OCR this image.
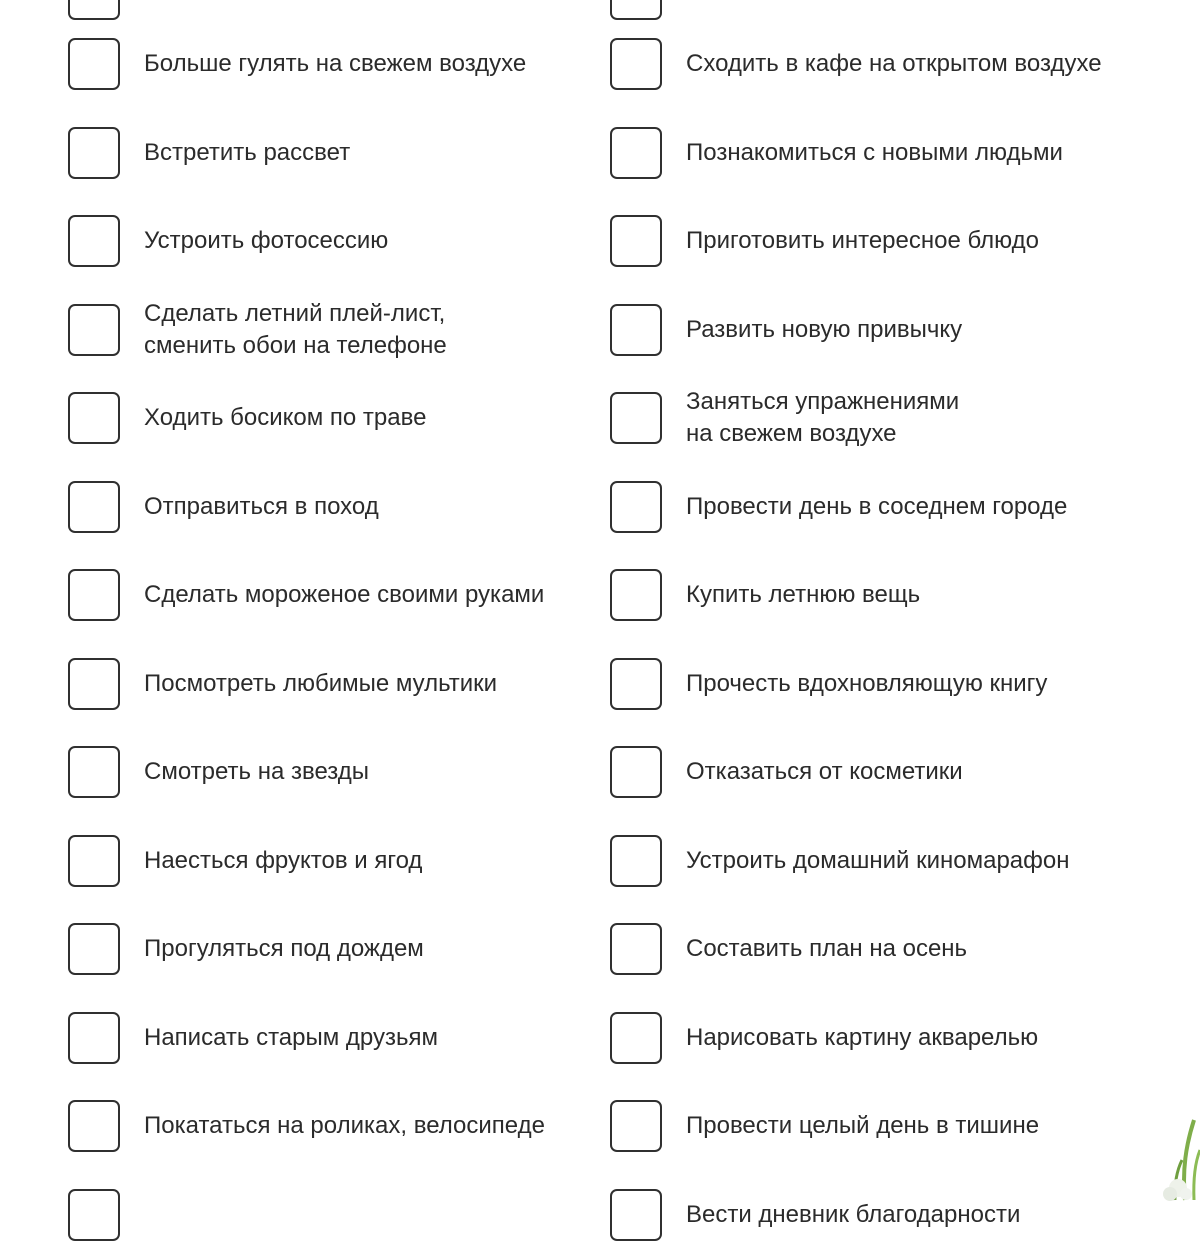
Больше гулять на свежем воздухе
Встретить рассвет
Устроить фотосессию
Сделать летний плей-лист,
сменить обои на телефоне
Ходить босиком по траве
Отправиться в поход
Сделать мороженое своими руками
Посмотреть любимые мультики
Смотреть на звезды
Наесться фруктов и ягод
Прогуляться под дождем
Написать старым друзьям
Покататься на роликах, велосипеде
Сходить в кафе на открытом воздухе
Познакомиться с новыми людьми
Приготовить интересное блюдо
Развить новую привычку
Заняться упражнениями
на свежем воздухе
Провести день в соседнем городе
Купить летнюю вещь
Прочесть вдохновляющую книгу
Отказаться от косметики
Устроить домашний киномарафон
Составить план на осень
Нарисовать картину акварелью
Провести целый день в тишине
Вести дневник благодарности
